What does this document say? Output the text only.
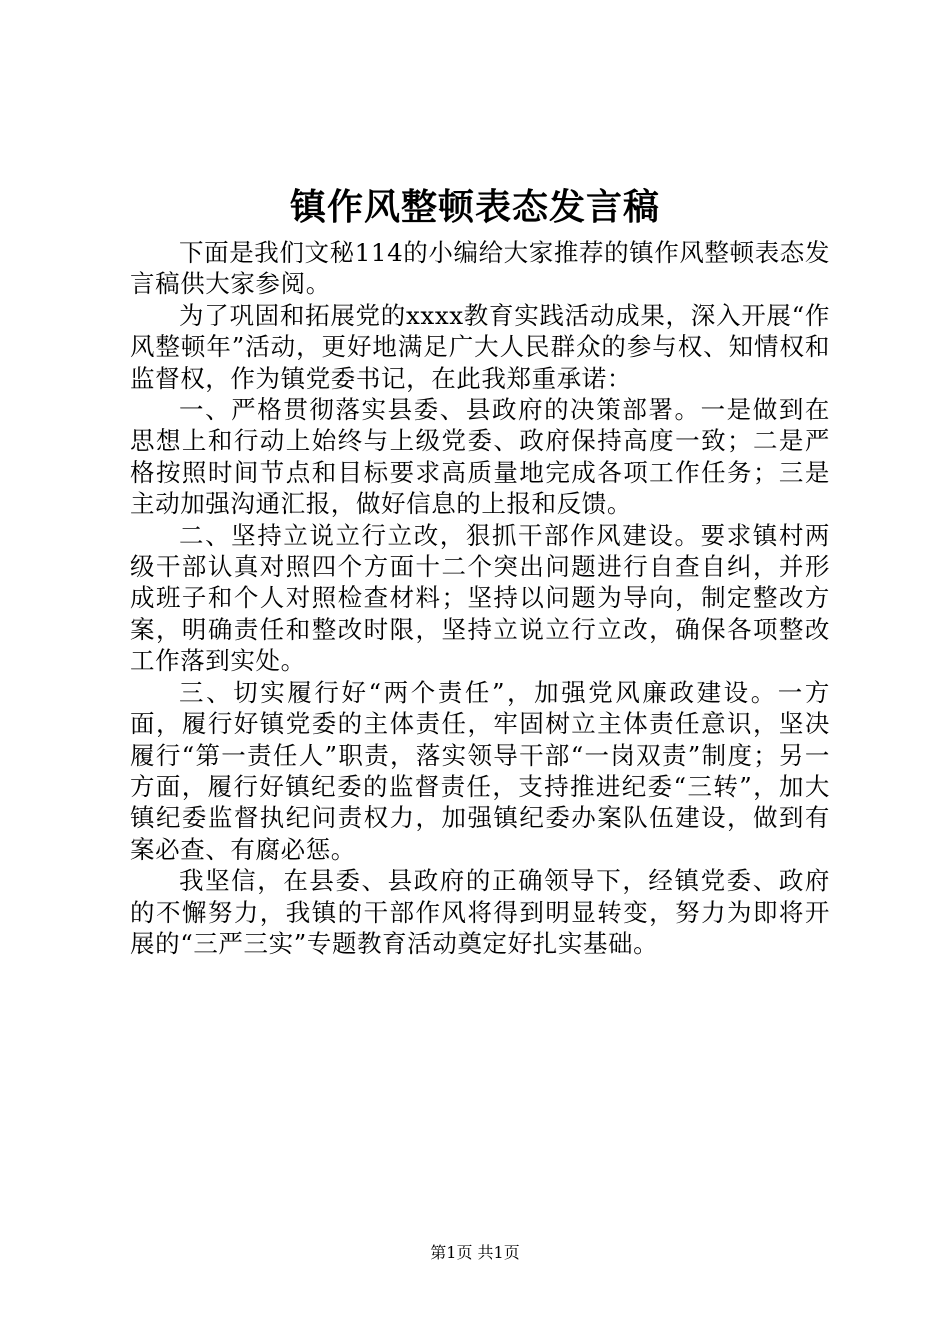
镇作风整顿表态发言稿

下面是我们文秘114的小编给大家推荐的镇作风整顿表态发言稿供大家参阅。

为了巩固和拓展党的xxxx教育实践活动成果，深入开展“作风整顿年”活动，更好地满足广大人民群众的参与权、知情权和监督权，作为镇党委书记，在此我郑重承诺：

一、严格贯彻落实县委、县政府的决策部署。一是做到在思想上和行动上始终与上级党委、政府保持高度一致；二是严格按照时间节点和目标要求高质量地完成各项工作任务；三是主动加强沟通汇报，做好信息的上报和反馈。

二、坚持立说立行立改，狠抓干部作风建设。要求镇村两级干部认真对照四个方面十二个突出问题进行自查自纠，并形成班子和个人对照检查材料；坚持以问题为导向，制定整改方案，明确责任和整改时限，坚持立说立行立改，确保各项整改工作落到实处。

三、切实履行好“两个责任”，加强党风廉政建设。一方面，履行好镇党委的主体责任，牢固树立主体责任意识，坚决履行“第一责任人”职责，落实领导干部“一岗双责”制度；另一方面，履行好镇纪委的监督责任，支持推进纪委“三转”，加大镇纪委监督执纪问责权力，加强镇纪委办案队伍建设，做到有案必查、有腐必惩。

我坚信，在县委、县政府的正确领导下，经镇党委、政府的不懈努力，我镇的干部作风将得到明显转变，努力为即将开展的“三严三实”专题教育活动奠定好扎实基础。

第1页 共1页
